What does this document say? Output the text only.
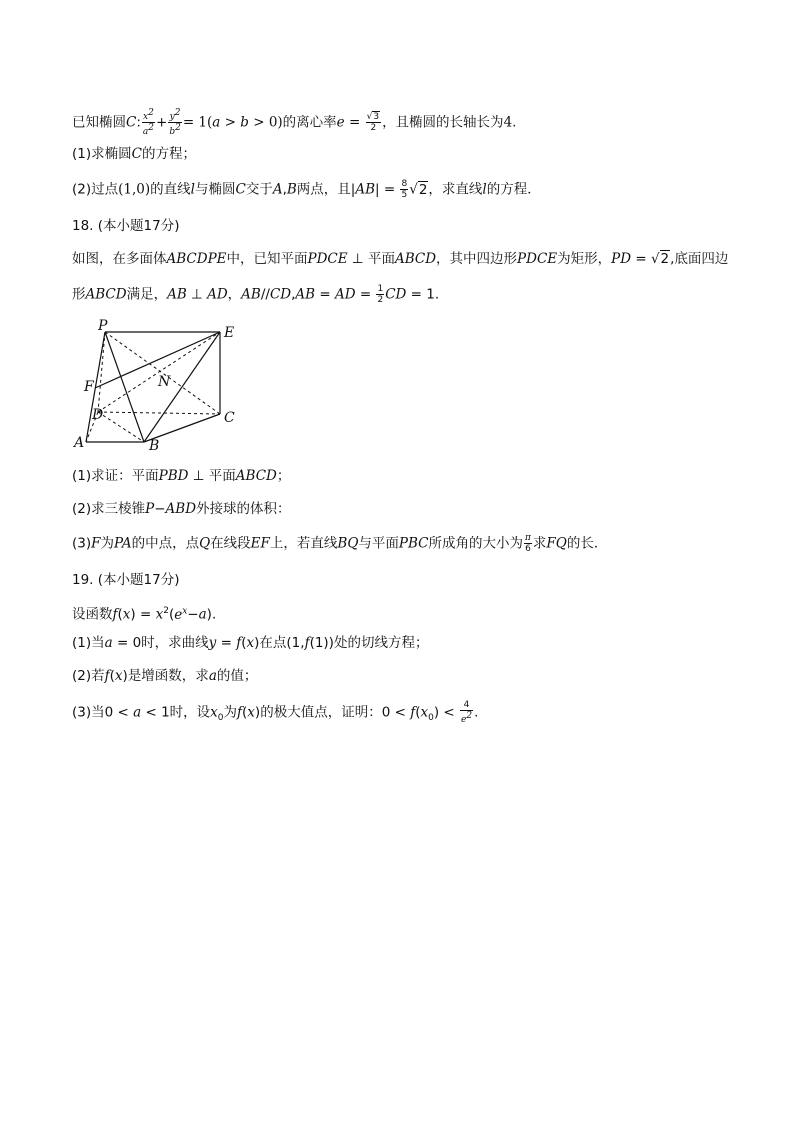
已知椭圆C: $\frac{x^2}{a^2} + \frac{y^2}{b^2} = 1(a > b > 0)$的离心率$e = \frac{√3}{2}$ ，且椭圆的长轴长为4.
(1)求椭圆C的方程；
(2)过点(1,0)的直线l与椭圆C交于A,B两点，且$|AB| = \frac{8}{5} √2$，求直线l的方程．
18. (本小题17分)
如图，在多面体ABCDPE中，已知平面PDCE ⊥ 平面ABCD，其中四边形PDCE为矩形，PD = √2,底面四边
形ABCD满足，AB ⊥ AD，AB//CD,AB = AD = $\frac{1}{2}$ CD = 1.
P	E
F	N
D	C
A	B
(1)求证：平面PBD ⊥ 平面ABCD；
(2)求三棱锥P−ABD外接球的体积：
(3)F为PA的中点，点Q在线段EF上，若直线BQ与平面PBC所成角的大小为 $\frac{\pi}{6}$ 求FQ的长．
19. (本小题17分)
设函数$f(x) = x^2(e^x-a)$.
(1)当a = 0时，求曲线y = f(x)在点(1,f(1))处的切线方程；
(2)若f(x)是增函数，求a的值；
(3)当0 < a < 1时，设$x_0$为f(x)的极大值点，证明：$0 < f(x_0) < \frac{4}{e^2}$ .
